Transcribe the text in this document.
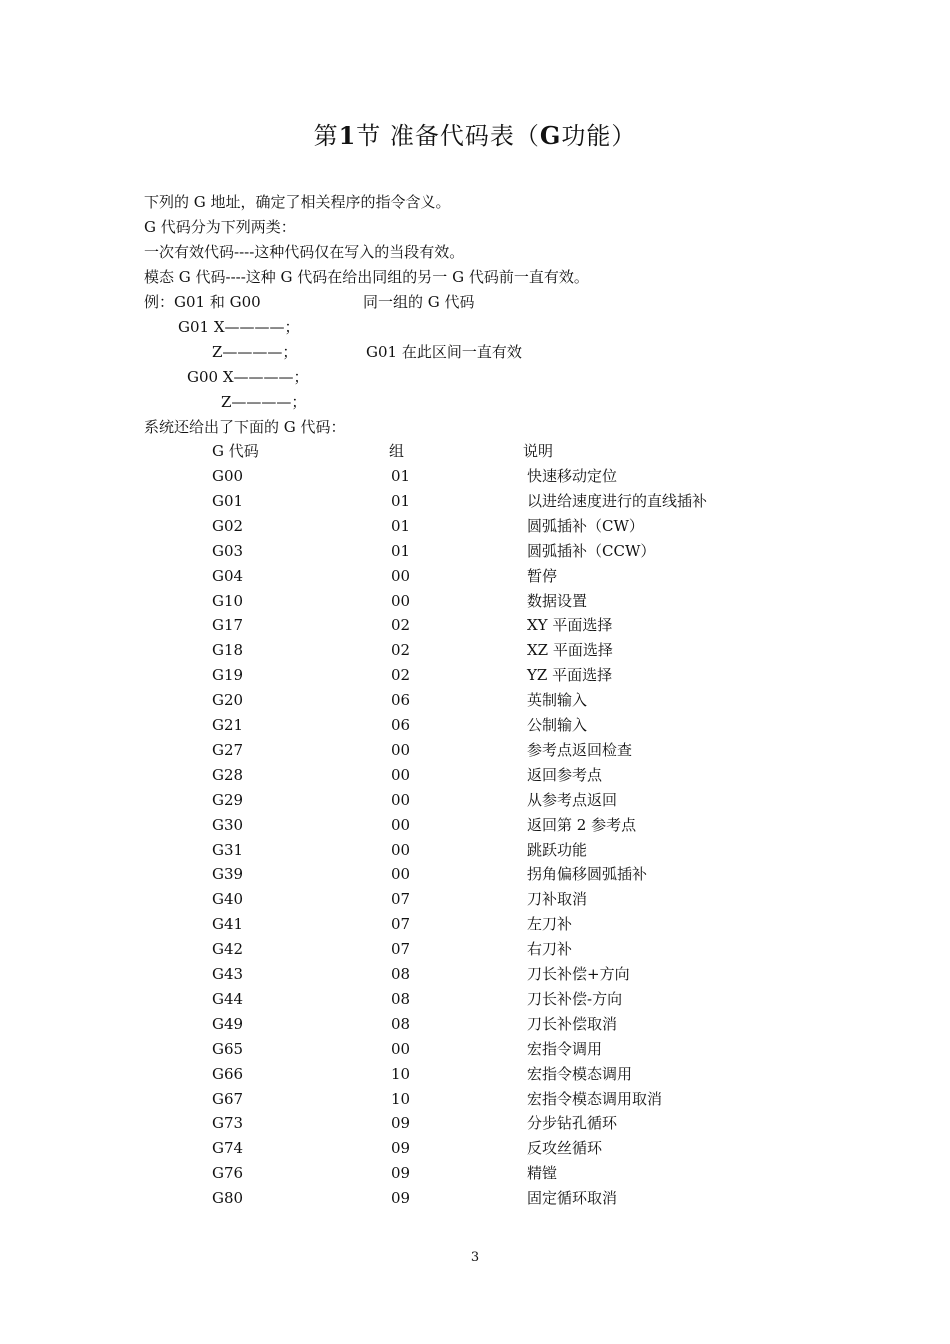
第1节 准备代码表（G功能）
下列的 G 地址，确定了相关程序的指令含义。
G 代码分为下列两类：
一次有效代码----这种代码仅在写入的当段有效。
模态 G 代码----这种 G 代码在给出同组的另一 G 代码前一直有效。
例：G01 和 G00	同一组的 G 代码
G01 X————；
Z————；	G01 在此区间一直有效
G00 X————；
Z————；
系统还给出了下面的 G 代码：
G 代码	组	说明
G00	01	快速移动定位
G01	01	以进给速度进行的直线插补
G02	01	圆弧插补（CW）
G03	01	圆弧插补（CCW）
G04	00	暂停
G10	00	数据设置
G17	02	XY 平面选择
G18	02	XZ 平面选择
G19	02	YZ 平面选择
G20	06	英制输入
G21	06	公制输入
G27	00	参考点返回检查
G28	00	返回参考点
G29	00	从参考点返回
G30	00	返回第 2 参考点
G31	00	跳跃功能
G39	00	拐角偏移圆弧插补
G40	07	刀补取消
G41	07	左刀补
G42	07	右刀补
G43	08	刀长补偿+方向
G44	08	刀长补偿-方向
G49	08	刀长补偿取消
G65	00	宏指令调用
G66	10	宏指令模态调用
G67	10	宏指令模态调用取消
G73	09	分步钻孔循环
G74	09	反攻丝循环
G76	09	精镗
G80	09	固定循环取消
3
